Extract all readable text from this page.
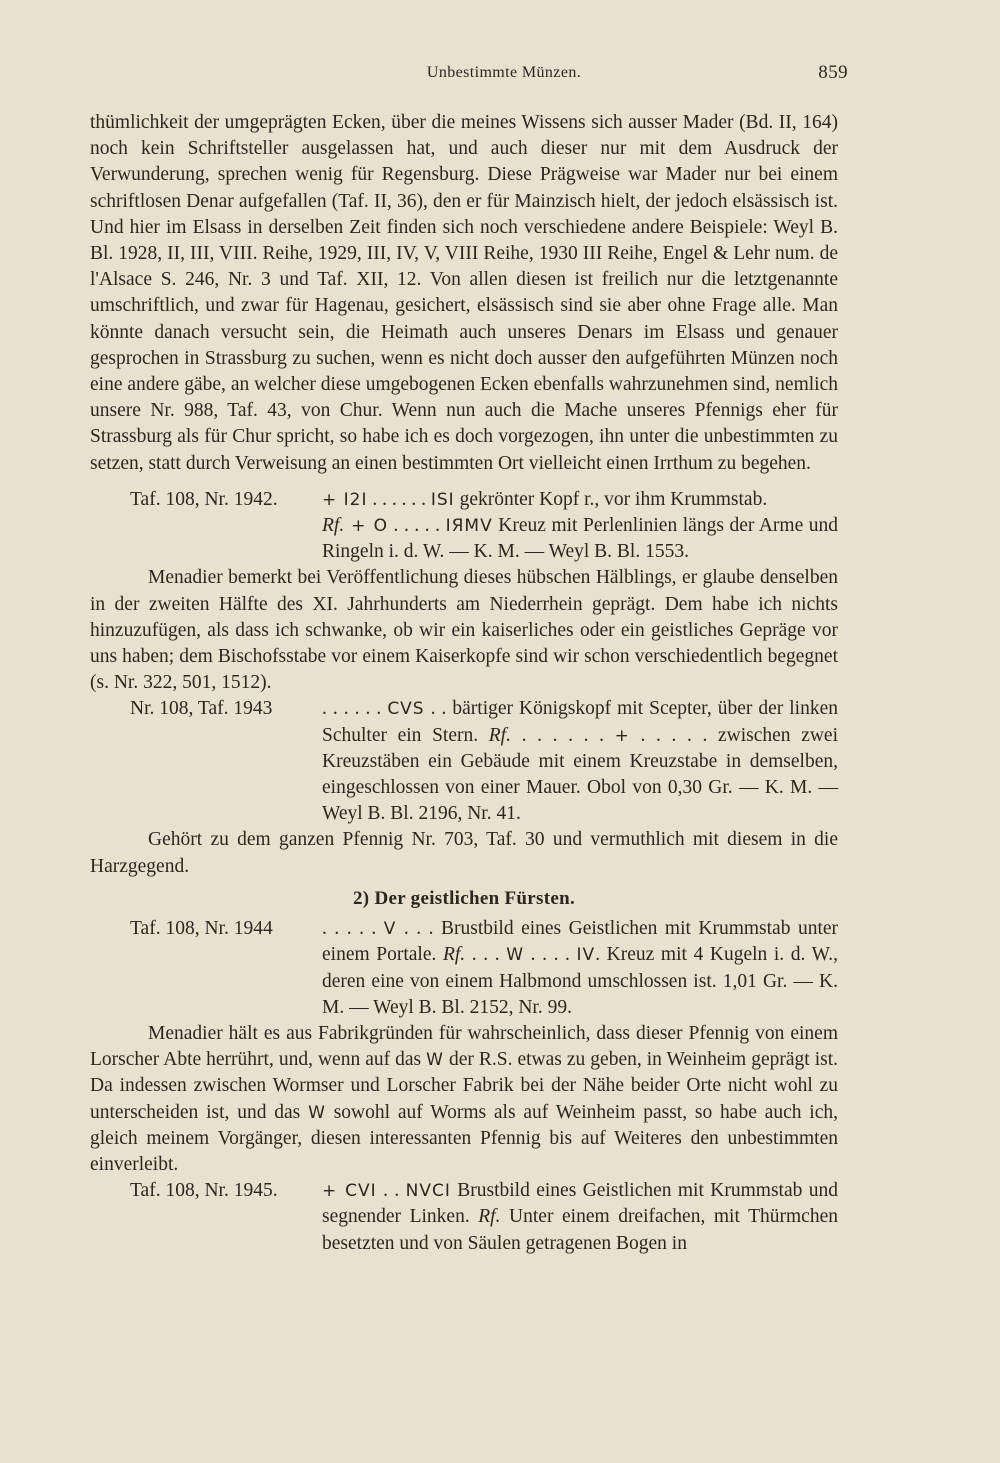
Unbestimmte Münzen.	859

thümlichkeit der umgeprägten Ecken, über die meines Wissens sich ausser Mader (Bd. II, 164) noch kein Schriftsteller ausgelassen hat, und auch dieser nur mit dem Ausdruck der Verwunderung, sprechen wenig für Regensburg. Diese Prägweise war Mader nur bei einem schriftlosen Denar aufgefallen (Taf. II, 36), den er für Mainzisch hielt, der jedoch elsässisch ist. Und hier im Elsass in derselben Zeit finden sich noch verschiedene andere Beispiele: Weyl B. Bl. 1928, II, III, VIII. Reihe, 1929, III, IV, V, VIII Reihe, 1930 III Reihe, Engel & Lehr num. de l'Alsace S. 246, Nr. 3 und Taf. XII, 12. Von allen diesen ist freilich nur die letztgenannte umschriftlich, und zwar für Hagenau, gesichert, elsässisch sind sie aber ohne Frage alle. Man könnte danach versucht sein, die Heimath auch unseres Denars im Elsass und genauer gesprochen in Strassburg zu suchen, wenn es nicht doch ausser den aufgeführten Münzen noch eine andere gäbe, an welcher diese umgebogenen Ecken ebenfalls wahrzunehmen sind, nemlich unsere Nr. 988, Taf. 43, von Chur. Wenn nun auch die Mache unseres Pfennigs eher für Strassburg als für Chur spricht, so habe ich es doch vorgezogen, ihn unter die unbestimmten zu setzen, statt durch Verweisung an einen bestimmten Ort vielleicht einen Irrthum zu begehen.

Taf. 108, Nr. 1942.	+ I2I . . . . . . ISI gekrönter Kopf r., vor ihm Krummstab.
Rf. + O . . . . . IЯMV Kreuz mit Perlenlinien längs der Arme und Ringeln i. d. W. — K. M. — Weyl B. Bl. 1553.

Menadier bemerkt bei Veröffentlichung dieses hübschen Hälblings, er glaube denselben in der zweiten Hälfte des XI. Jahrhunderts am Niederrhein geprägt. Dem habe ich nichts hinzuzufügen, als dass ich schwanke, ob wir ein kaiserliches oder ein geistliches Gepräge vor uns haben; dem Bischofsstabe vor einem Kaiserkopfe sind wir schon verschiedentlich begegnet (s. Nr. 322, 501, 1512).

Nr. 108, Taf. 1943	. . . . . . CVS . . bärtiger Königskopf mit Scepter, über der linken Schulter ein Stern. Rf. . . . . . . + . . . . . zwischen zwei Kreuzstäben ein Gebäude mit einem Kreuzstabe in demselben, eingeschlossen von einer Mauer. Obol von 0,30 Gr. — K. M. — Weyl B. Bl. 2196, Nr. 41.

Gehört zu dem ganzen Pfennig Nr. 703, Taf. 30 und vermuthlich mit diesem in die Harzgegend.

2) Der geistlichen Fürsten.
Taf. 108, Nr. 1944	. . . . . V . . . Brustbild eines Geistlichen mit Krummstab unter einem Portale. Rf. . . . W . . . . IV. Kreuz mit 4 Kugeln i. d. W., deren eine von einem Halbmond umschlossen ist. 1,01 Gr. — K. M. — Weyl B. Bl. 2152, Nr. 99.

Menadier hält es aus Fabrikgründen für wahrscheinlich, dass dieser Pfennig von einem Lorscher Abte herrührt, und, wenn auf das W der R.S. etwas zu geben, in Weinheim geprägt ist. Da indessen zwischen Wormser und Lorscher Fabrik bei der Nähe beider Orte nicht wohl zu unterscheiden ist, und das W sowohl auf Worms als auf Weinheim passt, so habe auch ich, gleich meinem Vorgänger, diesen interessanten Pfennig bis auf Weiteres den unbestimmten einverleibt.

Taf. 108, Nr. 1945.	+ CVI . . NVCI Brustbild eines Geistlichen mit Krummstab und segnender Linken. Rf. Unter einem dreifachen, mit Thürmchen besetzten und von Säulen getragenen Bogen in
